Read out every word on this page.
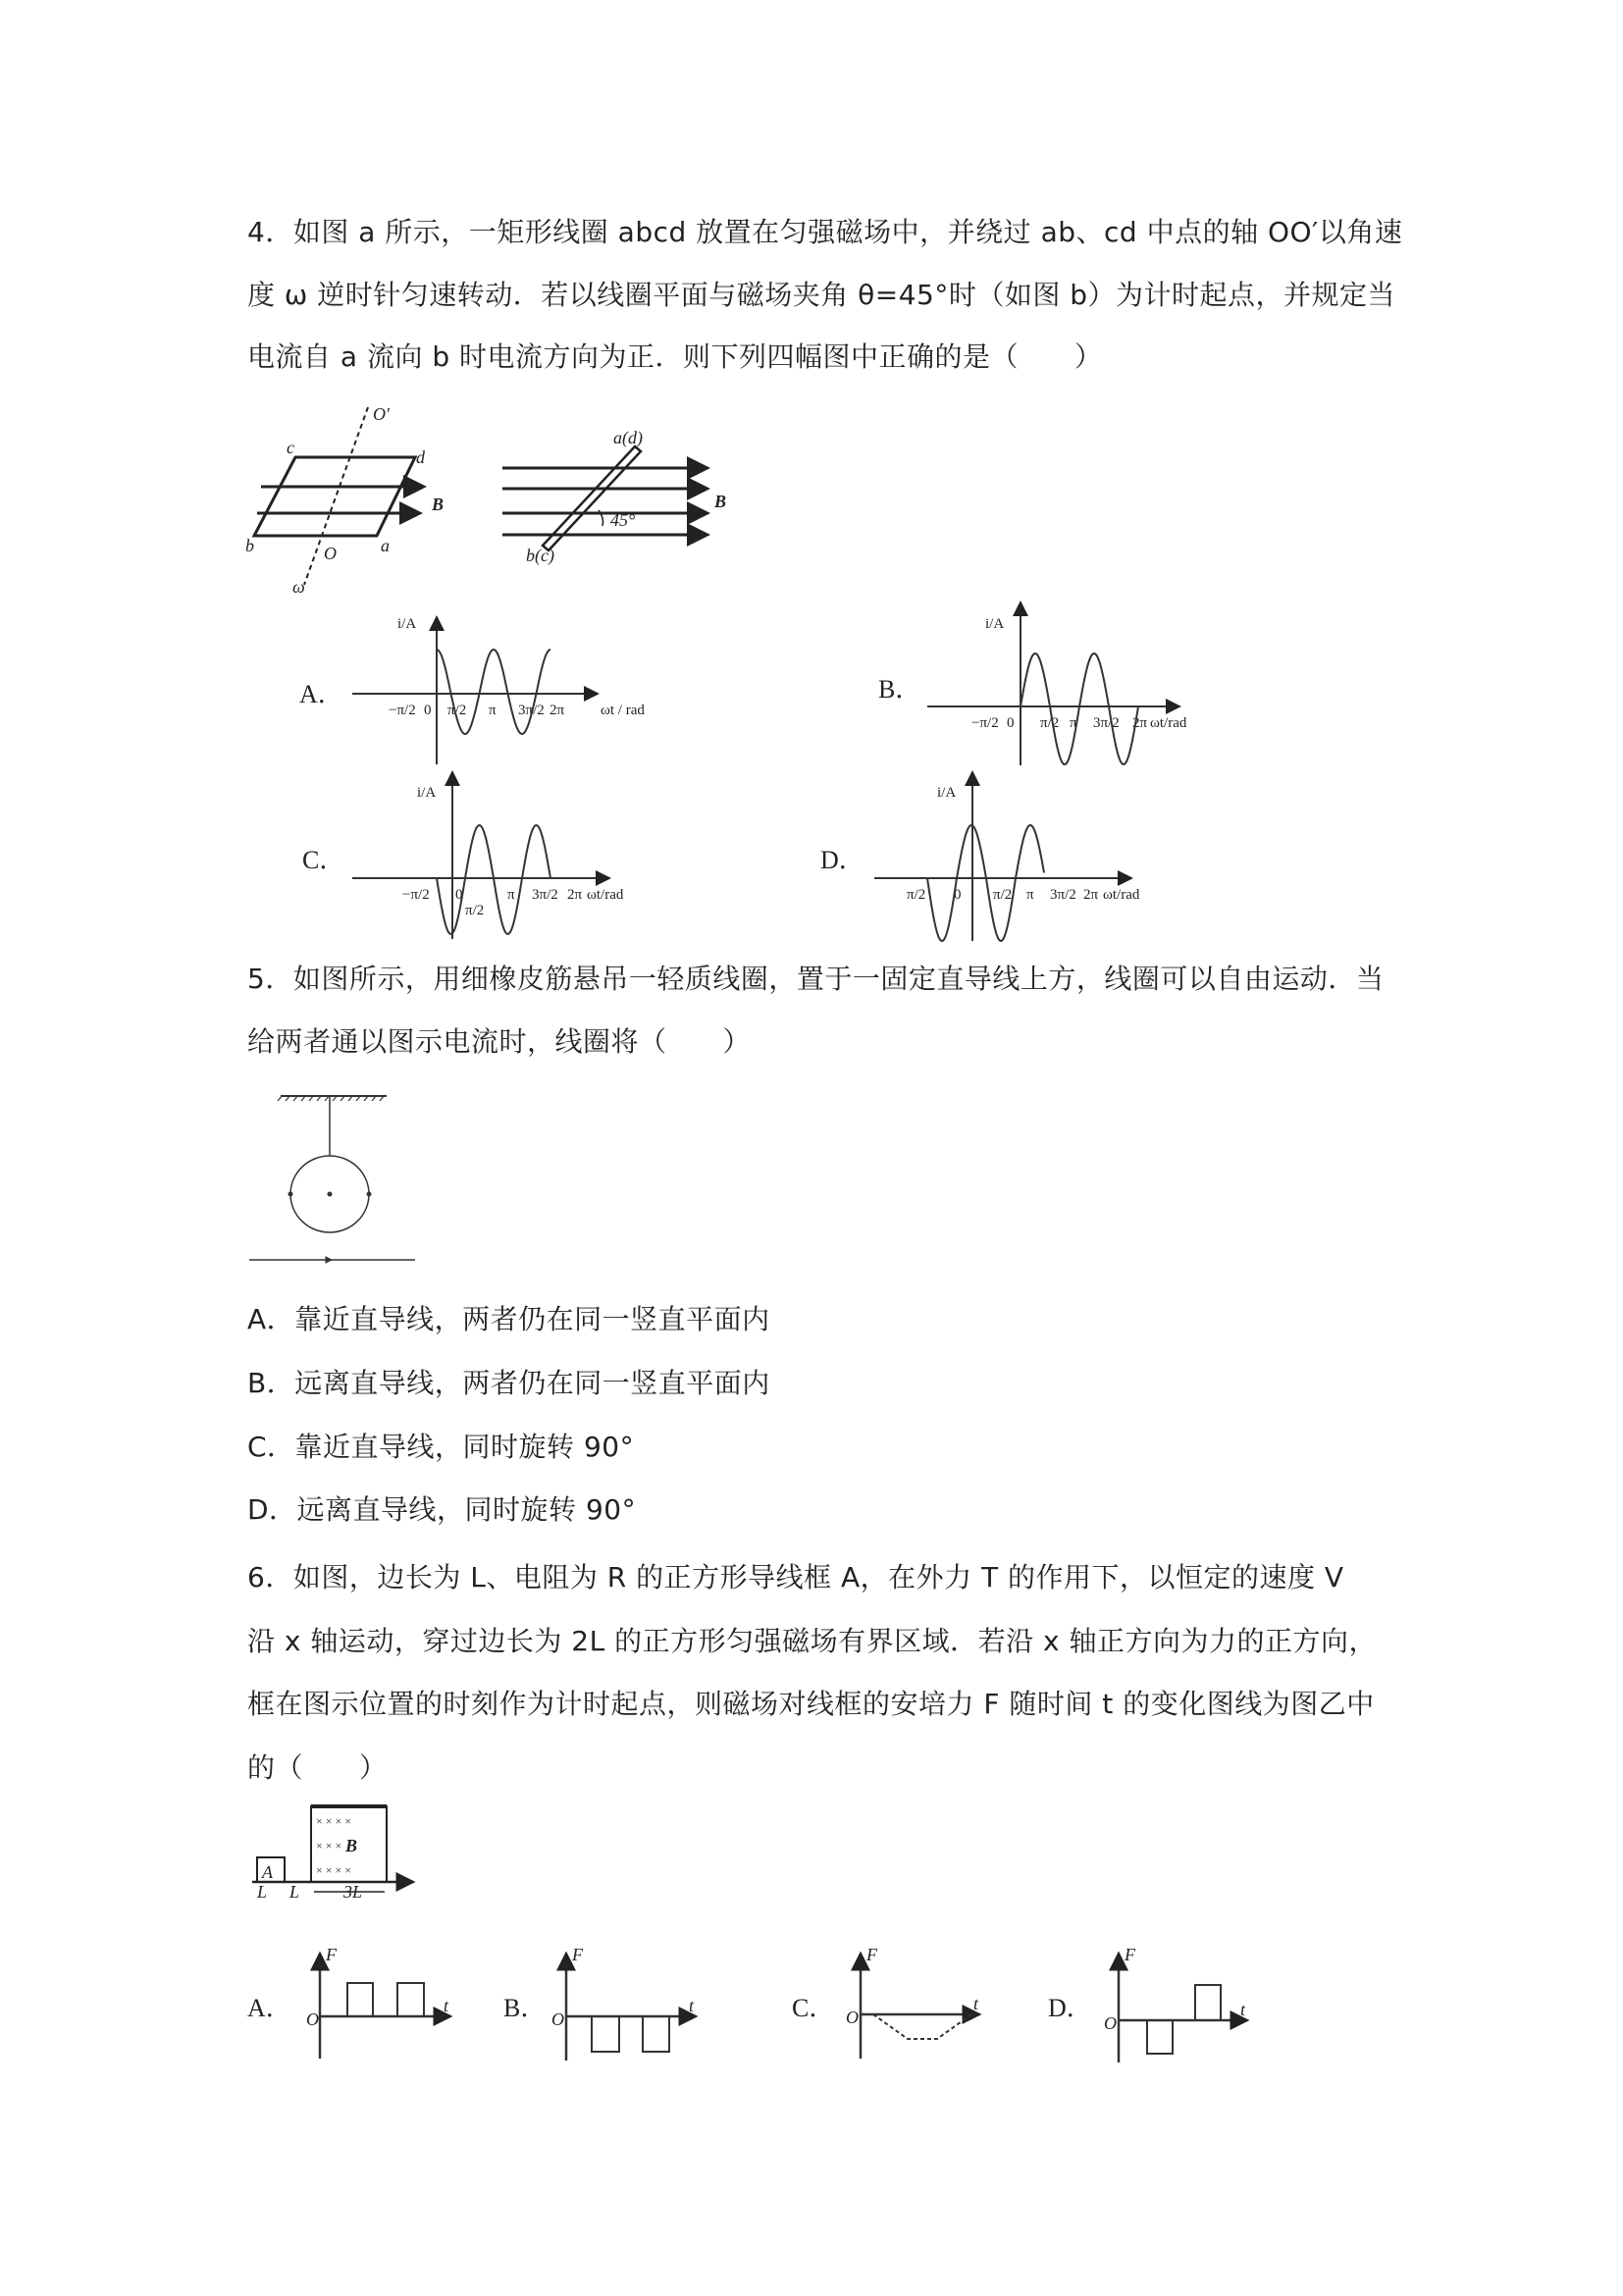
4．如图 a 所示，一矩形线圈 abcd 放置在匀强磁场中，并绕过 ab、cd 中点的轴 OO′以角速
度 ω 逆时针匀速转动．若以线圈平面与磁场夹角 θ=45°时（如图 b）为计时起点，并规定当
电流自 a 流向 b 时电流方向为正．则下列四幅图中正确的是（　　）
5．如图所示，用细橡皮筋悬吊一轻质线圈，置于一固定直导线上方，线圈可以自由运动．当
给两者通以图示电流时，线圈将（　　）
A．靠近直导线，两者仍在同一竖直平面内
B．远离直导线，两者仍在同一竖直平面内
C．靠近直导线，同时旋转 90°
D．远离直导线，同时旋转 90°
6．如图，边长为 L、电阻为 R 的正方形导线框 A，在外力 T 的作用下，以恒定的速度 V
沿 x 轴运动，穿过边长为 2L 的正方形匀强磁场有界区域．若沿 x 轴正方向为力的正方向，
框在图示位置的时刻作为计时起点，则磁场对线框的安培力 F 随时间 t 的变化图线为图乙中
的（　　）
c	d
b	a
O
O′
ω
B
45°
a(d)
b(c)
B
A．
i/A
ωt / rad
−π/2 0 π/2 π 3π/2 2π
B．
i/A
−π/2 0 π/2 π 3π/2 2π ωt/rad
C．
i/A
−π/2 0
π/2
π 3π/2 2π ωt/rad
D．
i/A
π/2 0 π/2 π 3π/2 2π ωt/rad
× × × ×
× × ×
× × × ×
B
A
L L 3L
A． O
F
t B． O
F
t	C． O
F
t	D．
O
F
t
